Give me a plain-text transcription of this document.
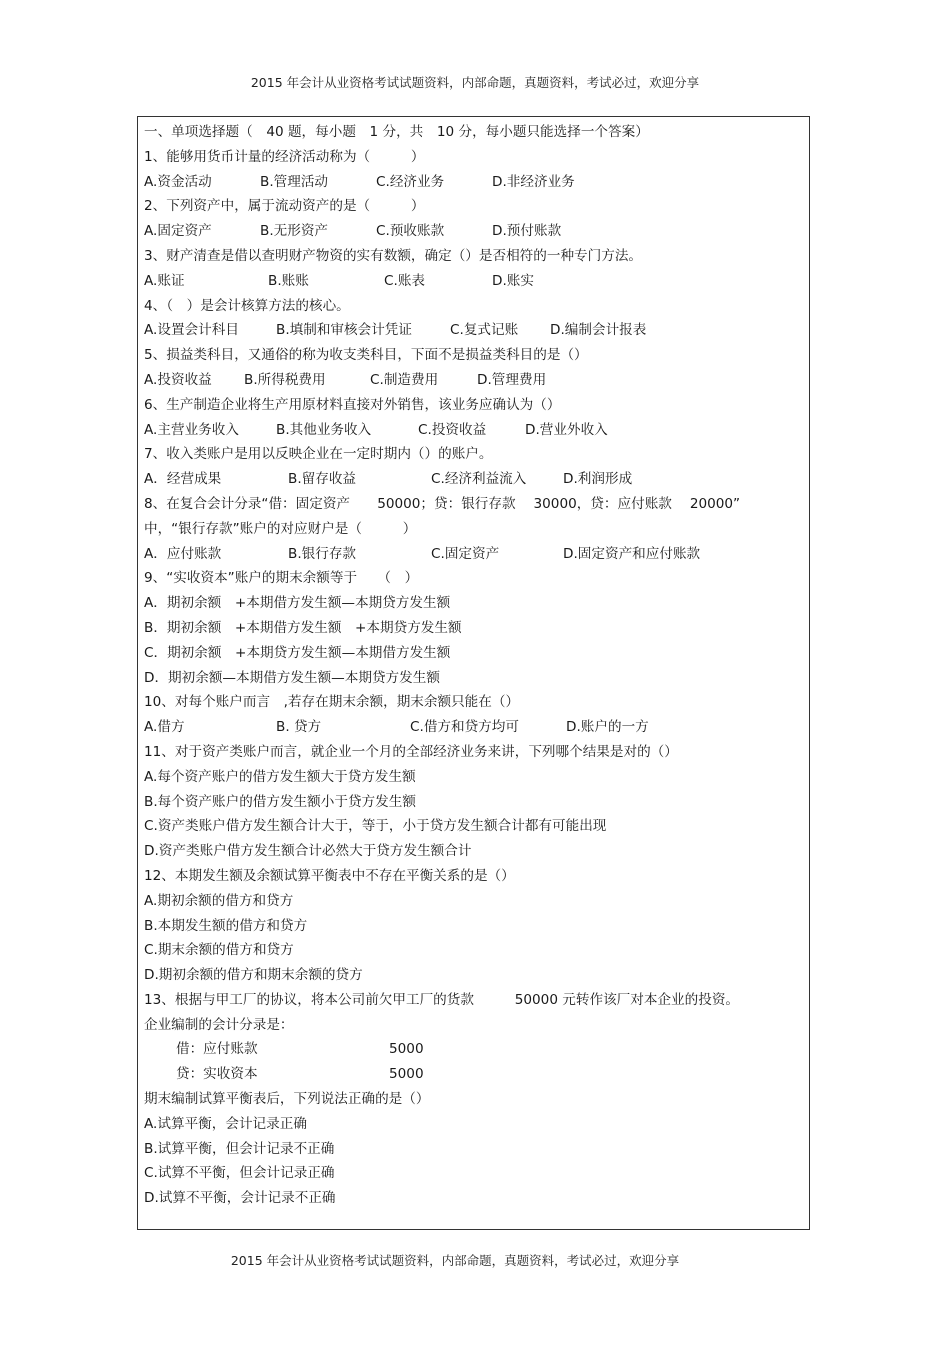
2015 年会计从业资格考试试题资料，内部命题，真题资料，考试必过，欢迎分享
一、单项选择题（　40 题，每小题　1 分，共　10 分，每小题只能选择一个答案）
1、能够用货币计量的经济活动称为（　　　）
A.资金活动	B.管理活动	C.经济业务	D.非经济业务
2、下列资产中，属于流动资产的是（　　　）
A.固定资产	B.无形资产	C.预收账款	D.预付账款
3、财产清查是借以查明财产物资的实有数额，确定（）是否相符的一种专门方法。
A.账证	B.账账	C.账表	D.账实
4、（　）是会计核算方法的核心。
A.设置会计科目	B.填制和审核会计凭证	C.复式记账	D.编制会计报表
5、损益类科目，又通俗的称为收支类科目，下面不是损益类科目的是（）
A.投资收益	B.所得税费用	C.制造费用	D.管理费用
6、生产制造企业将生产用原材料直接对外销售，该业务应确认为（）
A.主营业务收入	B.其他业务收入	C.投资收益	D.营业外收入
7、收入类账户是用以反映企业在一定时期内（）的账户。
A．经营成果	B.留存收益	C.经济利益流入	D.利润形成
8、在复合会计分录“借：固定资产　　50000；贷：银行存款　 30000，贷：应付账款　 20000”
中，“银行存款”账户的对应财户是（　　　）
A．应付账款	B.银行存款	C.固定资产	D.固定资产和应付账款
9、“实收资本”账户的期末余额等于　　（　）
A．期初余额　+本期借方发生额—本期贷方发生额
B．期初余额　+本期借方发生额　+本期贷方发生额
C．期初余额　+本期贷方发生额—本期借方发生额
D．期初余额—本期借方发生额—本期贷方发生额
10、对每个账户而言　,若存在期末余额，期末余额只能在（）
A.借方	B. 贷方	C.借方和贷方均可	D.账户的一方
11、对于资产类账户而言，就企业一个月的全部经济业务来讲，下列哪个结果是对的（）
A.每个资产账户的借方发生额大于贷方发生额
B.每个资产账户的借方发生额小于贷方发生额
C.资产类账户借方发生额合计大于，等于，小于贷方发生额合计都有可能出现
D.资产类账户借方发生额合计必然大于贷方发生额合计
12、本期发生额及余额试算平衡表中不存在平衡关系的是（）
A.期初余额的借方和贷方
B.本期发生额的借方和贷方
C.期末余额的借方和贷方
D.期初余额的借方和期末余额的贷方
13、根据与甲工厂的协议，将本公司前欠甲工厂的货款　　　50000 元转作该厂对本企业的投资。
企业编制的会计分录是：
借：应付账款	5000
贷：实收资本	5000
期末编制试算平衡表后，下列说法正确的是（）
A.试算平衡，会计记录正确
B.试算平衡，但会计记录不正确
C.试算不平衡，但会计记录正确
D.试算不平衡，会计记录不正确
2015 年会计从业资格考试试题资料，内部命题，真题资料，考试必过，欢迎分享
